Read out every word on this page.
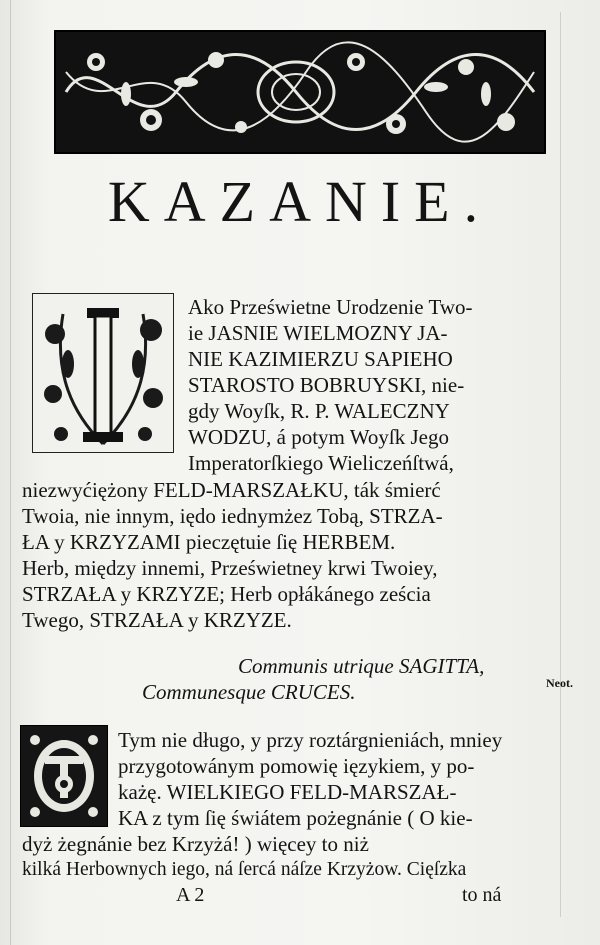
KAZANIE.
Ako Prześwietne Urodzenie Two-
ie JASNIE WIELMOZNY JA-
NIE KAZIMIERZU SAPIEHO
STAROSTO BOBRUYSKI, nie-
gdy Woyſk, R. P. WALECZNY
WODZU, á potym Woyſk Jego
Imperatorſkiego Wieliczeńſtwá,
niezwyćiężony FELD-MARSZAŁKU, ták śmierć
Twoia, nie innym, iędo iednymżez Tobą, STRZA-
ŁA y KRZYZAMI pieczętuie ſię HERBEM.
Herb, między innemi, Prześwietney krwi Twoiey,
STRZAŁA y KRZYZE; Herb opłákánego ześcia
Twego, STRZAŁA y KRZYZE.
Communis utrique SAGITTA,
Communesque CRUCES.	Neot.
Tym nie długo, y przy roztárgnieniách, mniey
przygotowánym pomowię ięzykiem, y po-
każę. WIELKIEGO FELD-MARSZAŁ-
KA z tym ſię świátem pożegnánie ( O kie-
dyż żegnánie bez Krzyżá! ) więcey to niż
kilká Herbownych iego, ná ſercá náſze Krzyżow. Cięſzka
A 2	to ná
